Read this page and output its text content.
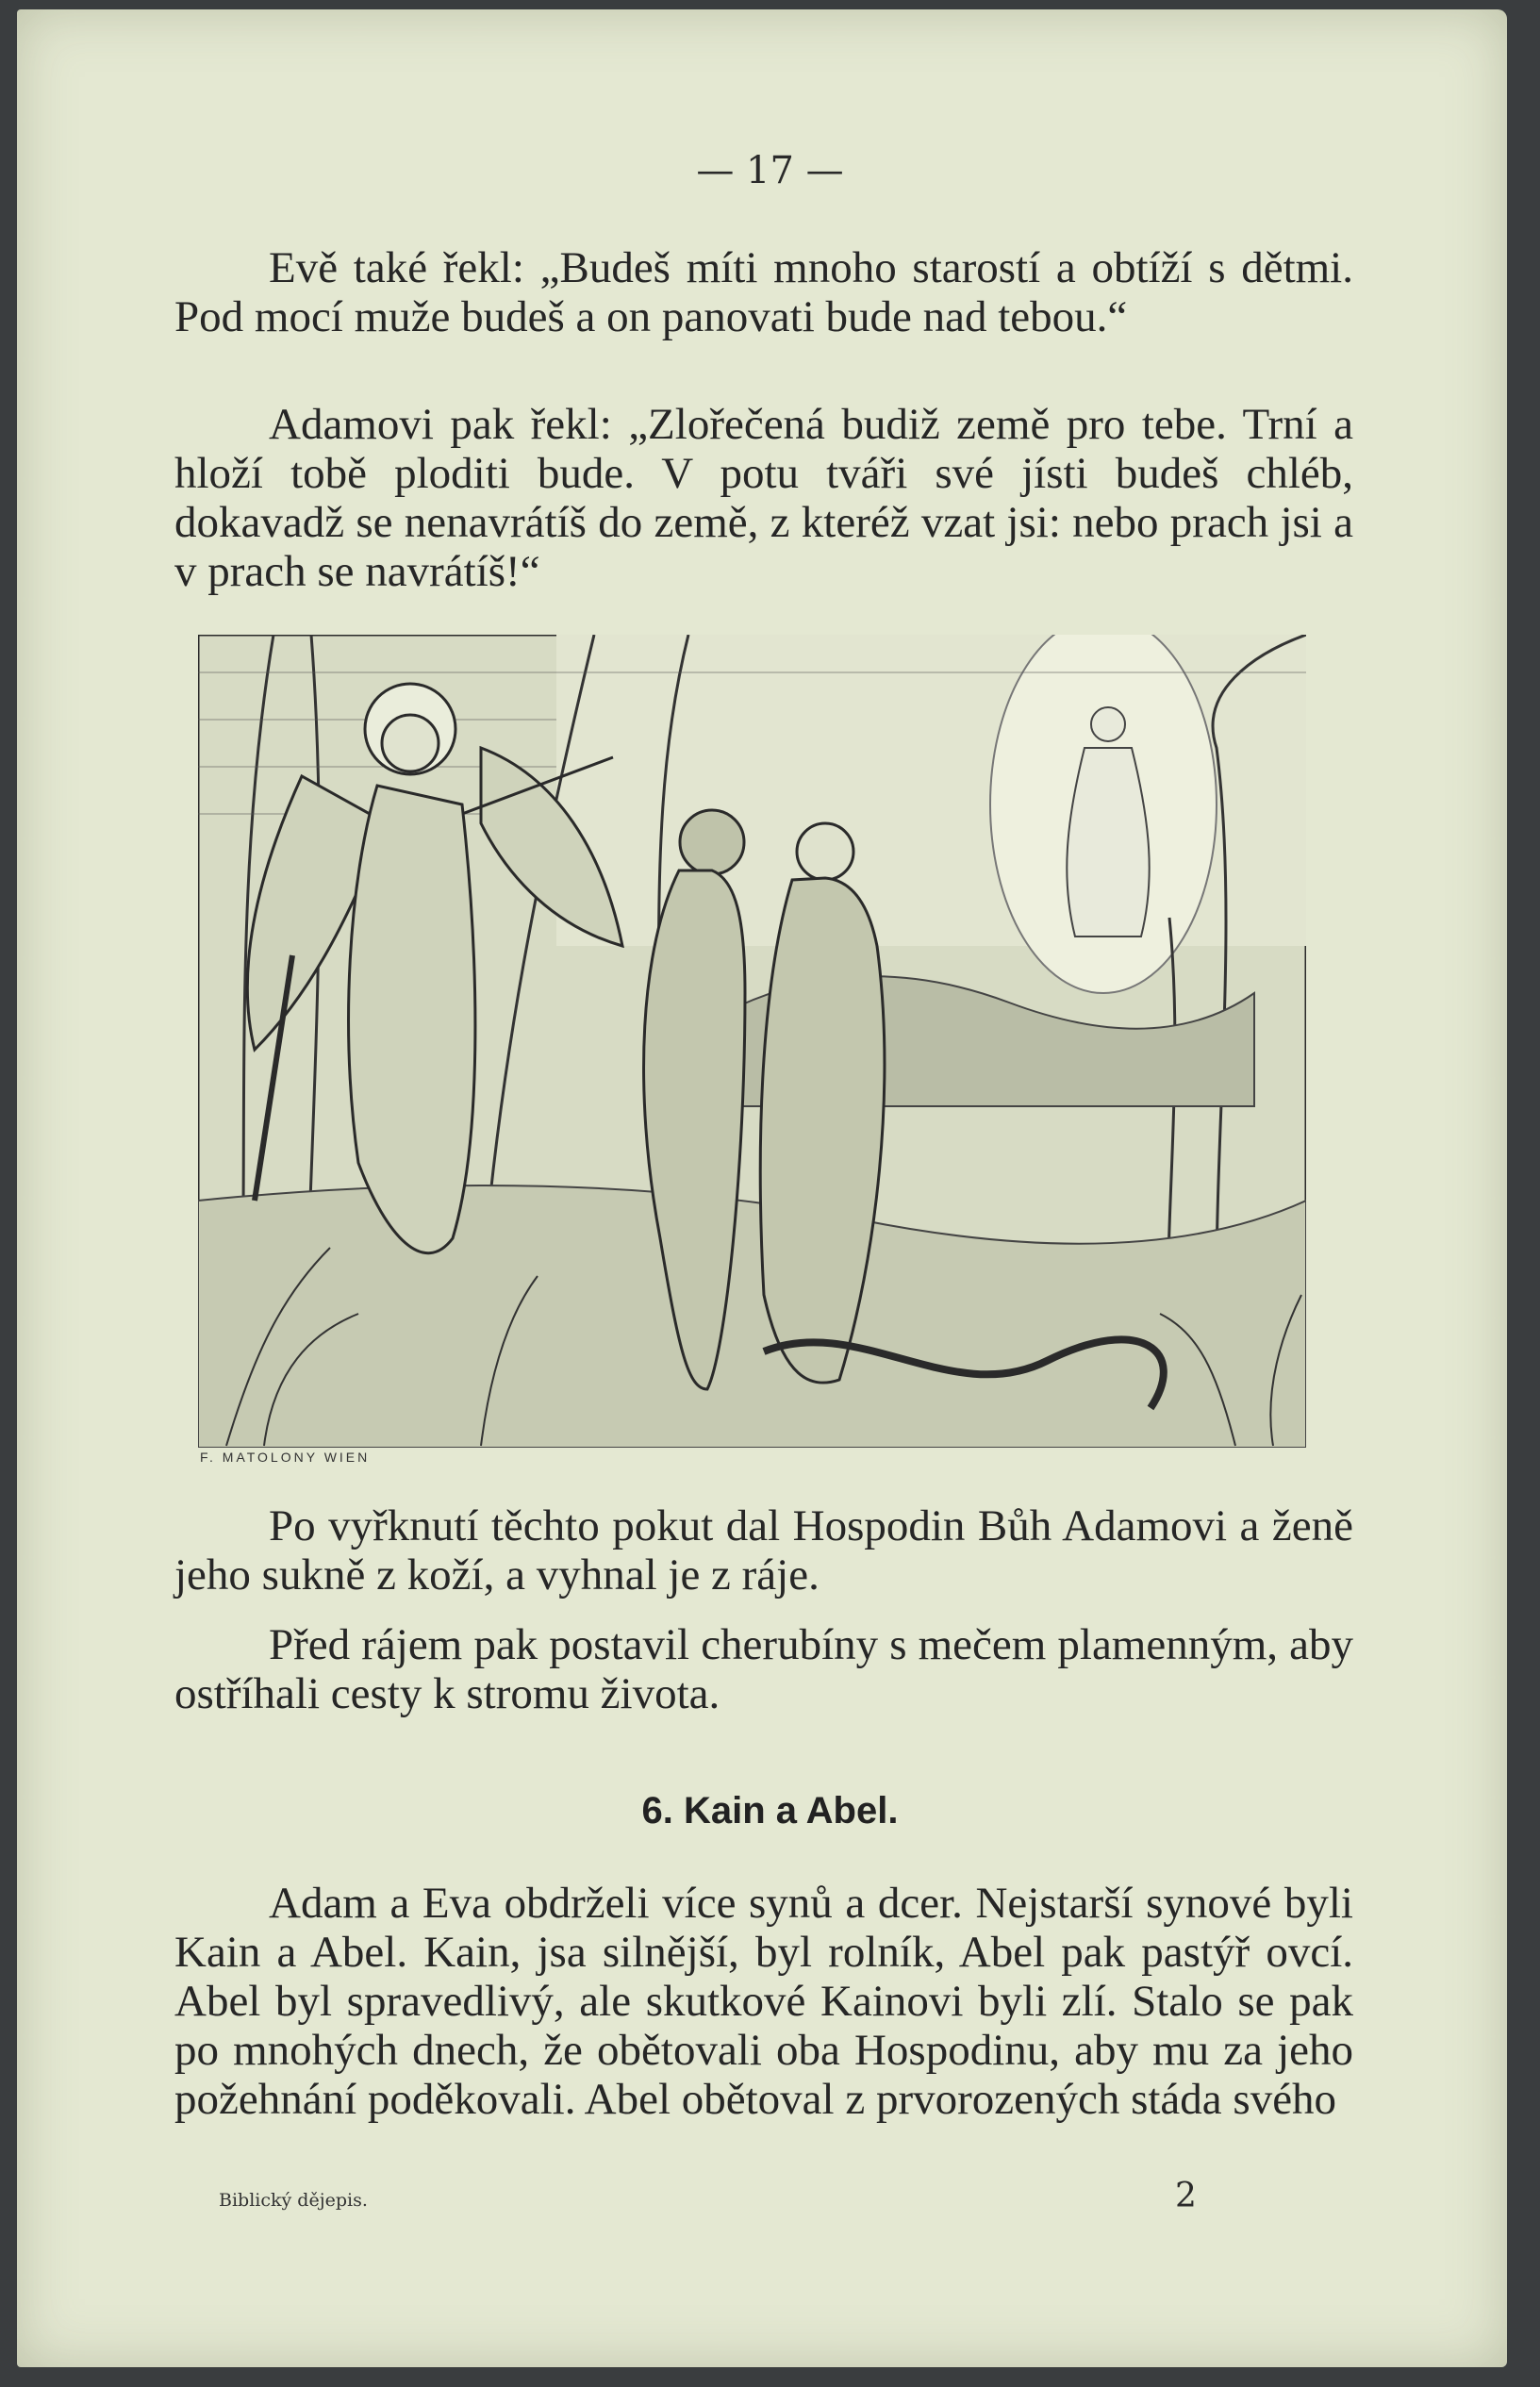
— 17 —

Evě také řekl: „Budeš míti mnoho starostí a obtíží s dětmi. Pod mocí muže budeš a on panovati bude nad tebou.“

Adamovi pak řekl: „Zlořečená budiž země pro tebe. Trní a hloží tobě ploditi bude. V potu tváři své jísti budeš chléb, dokavadž se nenavrátíš do země, z kteréž vzat jsi: nebo prach jsi a v prach se navrátíš!“

F. MATOLONY WIEN

Po vyřknutí těchto pokut dal Hospodin Bůh Adamovi a ženě jeho sukně z koží, a vyhnal je z ráje.

Před rájem pak postavil cherubíny s mečem plamenným, aby ostříhali cesty k stromu života.

6. Kain a Abel.

Adam a Eva obdrželi více synů a dcer. Nejstarší synové byli Kain a Abel. Kain, jsa silnější, byl rolník, Abel pak pastýř ovcí. Abel byl spravedlivý, ale skutkové Kainovi byli zlí. Stalo se pak po mnohých dnech, že obětovali oba Hospodinu, aby mu za jeho požehnání poděkovali. Abel obětoval z prvorozených stáda svého

Biblický dějepis.	2
